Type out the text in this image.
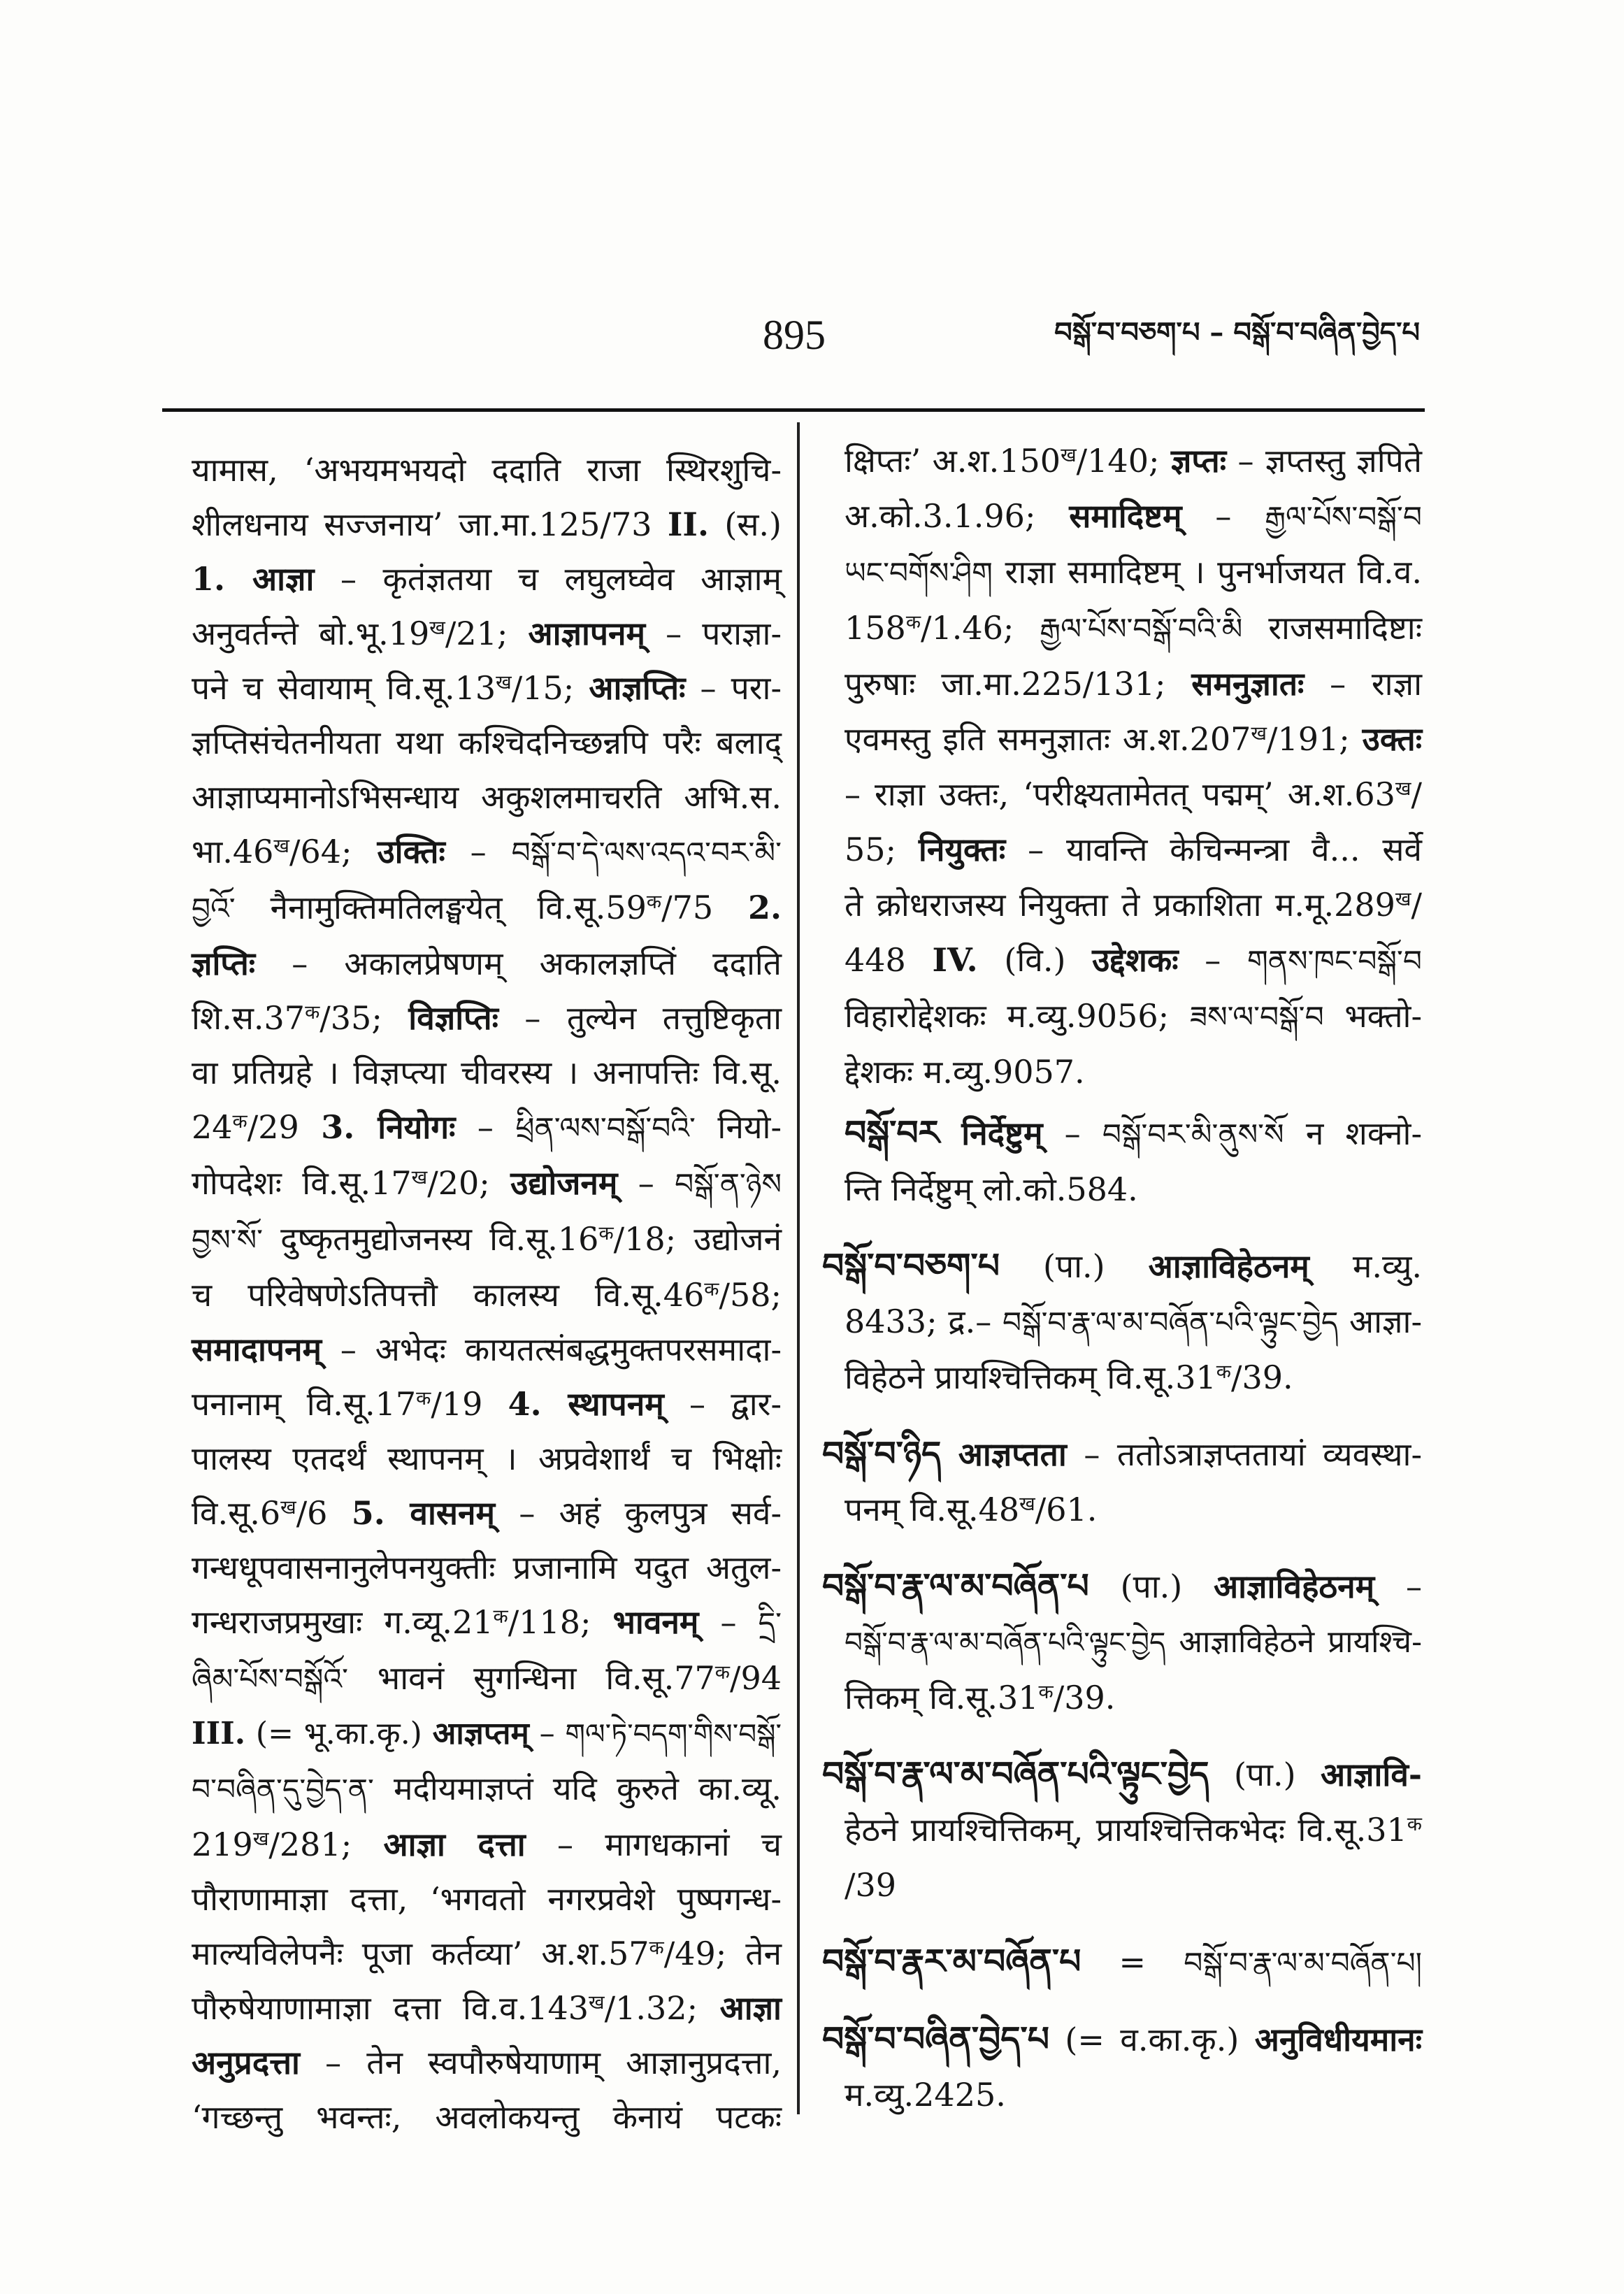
895	བསྒོ་བ་བཅག་པ – བསྒོ་བ་བཞིན་བྱེད་པ
यामास, ‘अभयमभयदो ददाति राजा स्थिरशुचि-
शीलधनाय सज्जनाय’ जा.मा.125/73 II. (स.)
1. आज्ञा – कृतंज्ञतया च लघुलघ्वेव आज्ञाम्
अनुवर्तन्ते $बो.भू.19^ख/21$; आज्ञापनम् – पराज्ञा-
पने च सेवायाम् $वि.सू.13^ख/15$; आज्ञप्तिः – परा-
ज्ञप्तिसंचेतनीयता यथा कश्चिदनिच्छन्नपि परैः बलाद्
आज्ञाप्यमानोऽभिसन्धाय अकुशलमाचरति अभि.स.
$भा.46^ख/64$; उक्तिः – བསྒོ་བ་དེ་ལས་འདའ་བར་མི་
བྱའོ་ नैनामुक्तिमतिलङ्घयेत् $वि.सू.59^क/75$ 2.
ज्ञप्तिः – अकालप्रेषणम् अकालज्ञप्तिं ददाति
$शि.स.37^क/35$; विज्ञप्तिः – तुल्येन तत्तुष्टिकृता
वा प्रतिग्रहे । विज्ञप्त्या चीवरस्य । अनापत्तिः वि.सू.
$24^क/29$ 3. नियोगः – ཕྲིན་ལས་བསྒོ་བའི་ नियो-
गोपदेशः $वि.सू.17^ख/20$; उद्योजनम् – བསྒོ་ན་ཉེས
བྱས་སོ་ दुष्कृतमुद्योजनस्य $वि.सू.16^क/18$; उद्योजनं
च परिवेषणेऽतिपत्तौ कालस्य $वि.सू.46^क/58$;
समादापनम् – अभेदः कायतत्संबद्धमुक्तपरसमादा-
पनानाम् $वि.सू.17^क/19$ 4. स्थापनम् – द्वार-
पालस्य एतदर्थं स्थापनम् । अप्रवेशार्थं च भिक्षोः
$वि.सू.6^ख/6$ 5. वासनम् – अहं कुलपुत्र सर्व-
गन्धधूपवासनानुलेपनयुक्तीः प्रजानामि यदुत अतुल-
गन्धराजप्रमुखाः $ग.व्यू.21^क/118$; भावनम् – དྲི་
ཞིམ་པོས་བསྒོའོ་ भावनं सुगन्धिना $वि.सू.77^क/94$
III. (= भू.का.कृ.) आज्ञप्तम् – གལ་ཏེ་བདག་གིས་བསྒོ་
བ་བཞིན་དུ་བྱེད་ན་ मदीयमाज्ञप्तं यदि कुरुते का.व्यू.
$219^ख/281$; आज्ञा दत्ता – मागधकानां च
पौराणामाज्ञा दत्ता, ‘भगवतो नगरप्रवेशे पुष्पगन्ध-
माल्यविलेपनैः पूजा कर्तव्या’ $अ.श.57^क/49$; तेन
पौरुषेयाणामाज्ञा दत्ता $वि.व.143^ख/1.32$; आज्ञा
अनुप्रदत्ता – तेन स्वपौरुषेयाणाम् आज्ञानुप्रदत्ता,
‘गच्छन्तु भवन्तः, अवलोकयन्तु केनायं पटकः
क्षिप्तः’ $अ.श.150^ख/140$; ज्ञप्तः – ज्ञप्तस्तु ज्ञपिते
अ.को.3.1.96; समादिष्टम् – རྒྱལ་པོས་བསྒོ་བ
ཡང་བགོས་ཤིག राज्ञा समादिष्टम् । पुनर्भाजयत वि.व.
$158^क/1.46$; རྒྱལ་པོས་བསྒོ་བའི་མི राजसमादिष्टाः
पुरुषाः जा.मा.225/131; समनुज्ञातः – राज्ञा
एवमस्तु इति समनुज्ञातः $अ.श.207^ख/191$; उक्तः
– राज्ञा उक्तः, ‘परीक्ष्यतामेतत् पद्मम्’ $अ.श.63^ख/$
55; नियुक्तः – यावन्ति केचिन्मन्त्रा वै... सर्वे
ते क्रोधराजस्य नियुक्ता ते प्रकाशिता $म.मू.289^ख/$
448 IV. (वि.) उद्देशकः – གནས་ཁང་བསྒོ་བ
विहारोद्देशकः म.व्यु.9056; ཟས་ལ་བསྒོ་བ भक्तो-
द्देशकः म.व्यु.9057.
བསྒོ་བར निर्देष्टुम् – བསྒོ་བར་མི་ནུས་སོ न शक्नो-
न्ति निर्देष्टुम् लो.को.584.
བསྒོ་བ་བཅག་པ (पा.) आज्ञाविहेठनम् म.व्यु.
8433; द्र.– བསྒོ་བ་རྣ་ལ་མ་བཞོན་པའི་ལྟུང་བྱེད आज्ञा-
विहेठने प्रायश्चित्तिकम् $वि.सू.31^क/39$.
བསྒོ་བ་ཉིད आज्ञप्तता – ततोऽत्राज्ञप्ततायां व्यवस्था-
पनम् $वि.सू.48^ख/61$.
བསྒོ་བ་རྣ་ལ་མ་བཞོན་པ (पा.) आज्ञाविहेठनम् –
བསྒོ་བ་རྣ་ལ་མ་བཞོན་པའི་ལྟུང་བྱེད आज्ञाविहेठने प्रायश्चि-
त्तिकम् $वि.सू.31^क/39$.
བསྒོ་བ་རྣ་ལ་མ་བཞོན་པའི་ལྟུང་བྱེད (पा.) आज्ञावि-
हेठने प्रायश्चित्तिकम्, प्रायश्चित्तिकभेदः $वि.सू.31^क$
/39
བསྒོ་བ་རྣར་མ་བཞོན་པ = བསྒོ་བ་རྣ་ལ་མ་བཞོན་པ།
བསྒོ་བ་བཞིན་བྱེད་པ (= व.का.कृ.) अनुविधीयमानः
म.व्यु.2425.
